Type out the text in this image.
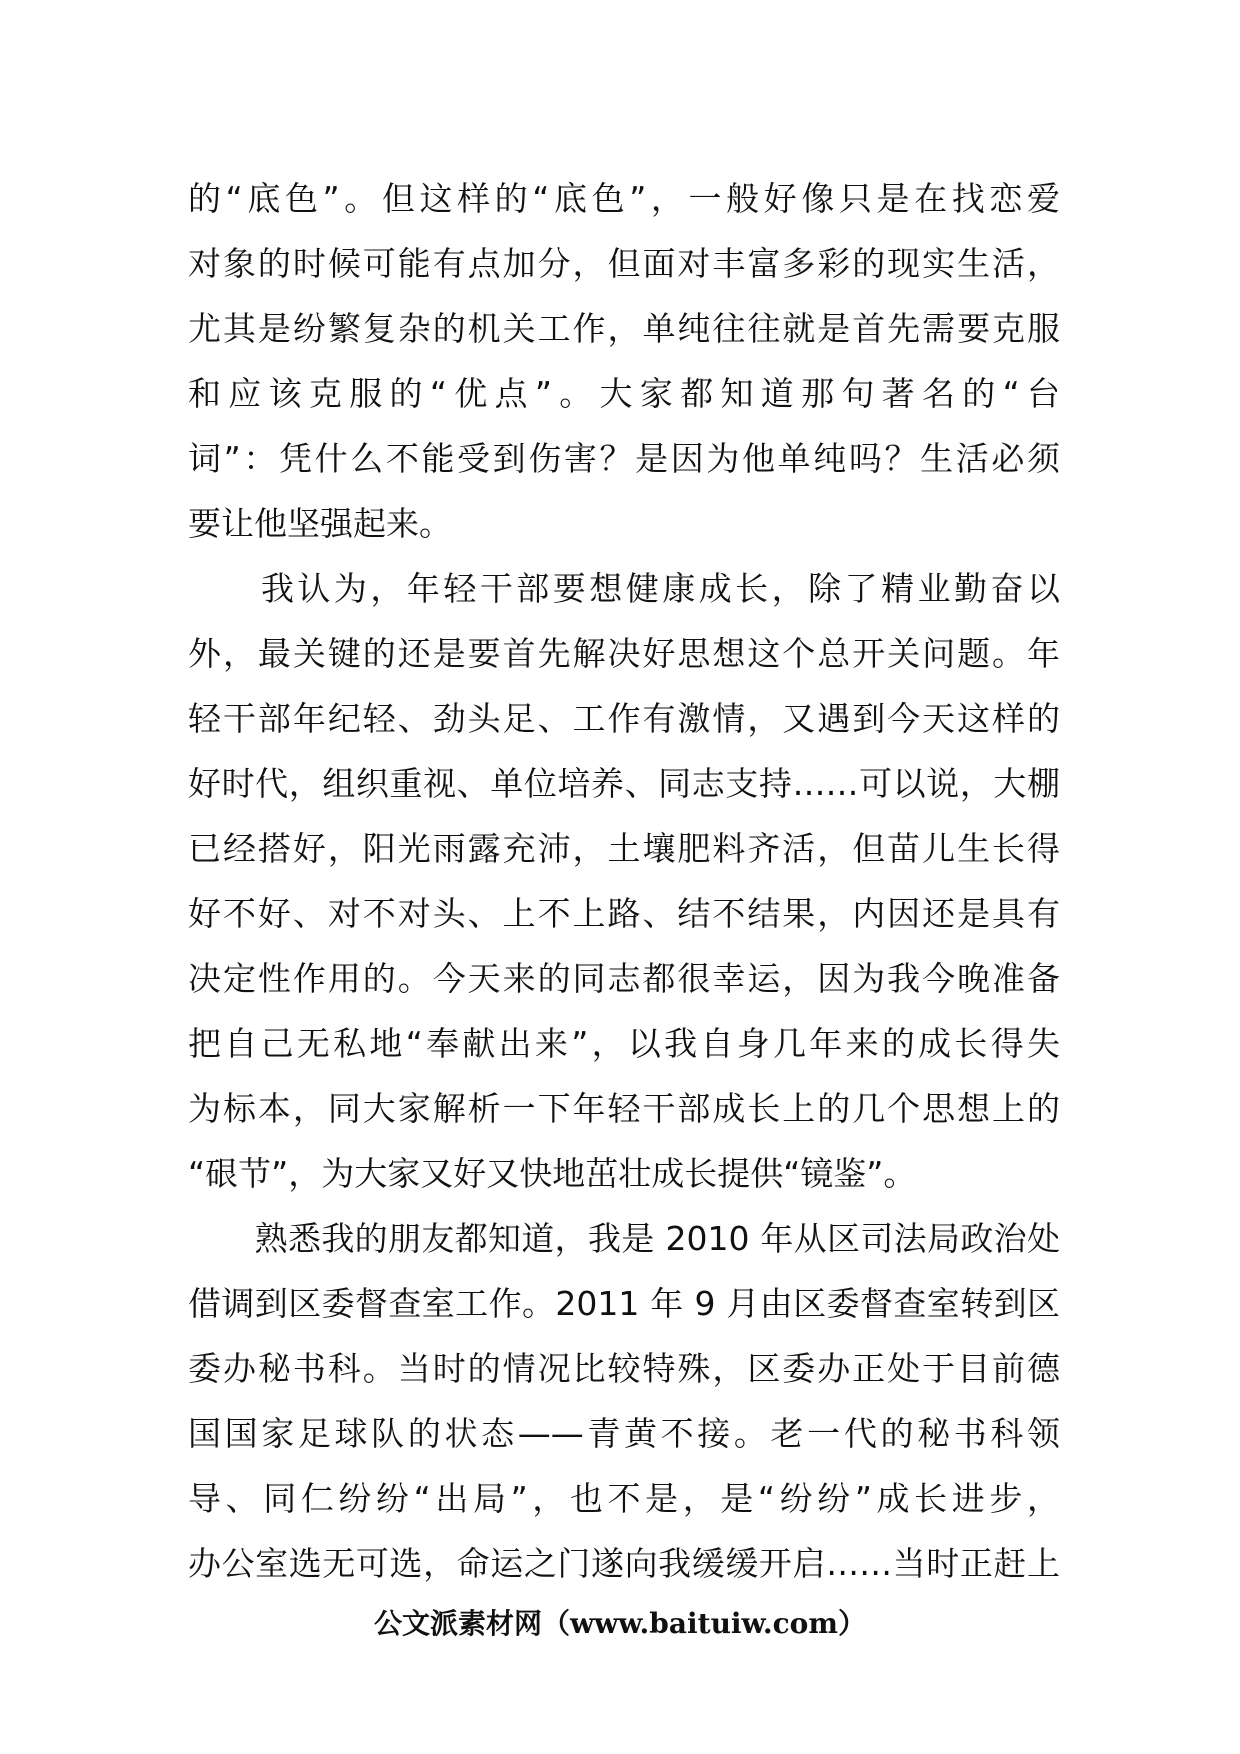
的“底色”。但这样的“底色”，一般好像只是在找恋爱
对象的时候可能有点加分，但面对丰富多彩的现实生活，
尤其是纷繁复杂的机关工作，单纯往往就是首先需要克服
和应该克服的“优点”。大家都知道那句著名的“台
词”：凭什么不能受到伤害？是因为他单纯吗？生活必须
要让他坚强起来。
　　我认为，年轻干部要想健康成长，除了精业勤奋以
外，最关键的还是要首先解决好思想这个总开关问题。年
轻干部年纪轻、劲头足、工作有激情，又遇到今天这样的
好时代，组织重视、单位培养、同志支持……可以说，大棚
已经搭好，阳光雨露充沛，土壤肥料齐活，但苗儿生长得
好不好、对不对头、上不上路、结不结果，内因还是具有
决定性作用的。今天来的同志都很幸运，因为我今晚准备
把自己无私地“奉献出来”，以我自身几年来的成长得失
为标本，同大家解析一下年轻干部成长上的几个思想上的
“硍节”，为大家又好又快地茁壮成长提供“镜鉴”。
　　熟悉我的朋友都知道，我是 2010 年从区司法局政治处
借调到区委督查室工作。2011 年 9 月由区委督查室转到区
委办秘书科。当时的情况比较特殊，区委办正处于目前德
国国家足球队的状态——青黄不接。老一代的秘书科领
导、同仁纷纷“出局”，也不是，是“纷纷”成长进步，
办公室选无可选，命运之门遂向我缓缓开启……当时正赶上
公文派素材网（www.baituiw.com）
